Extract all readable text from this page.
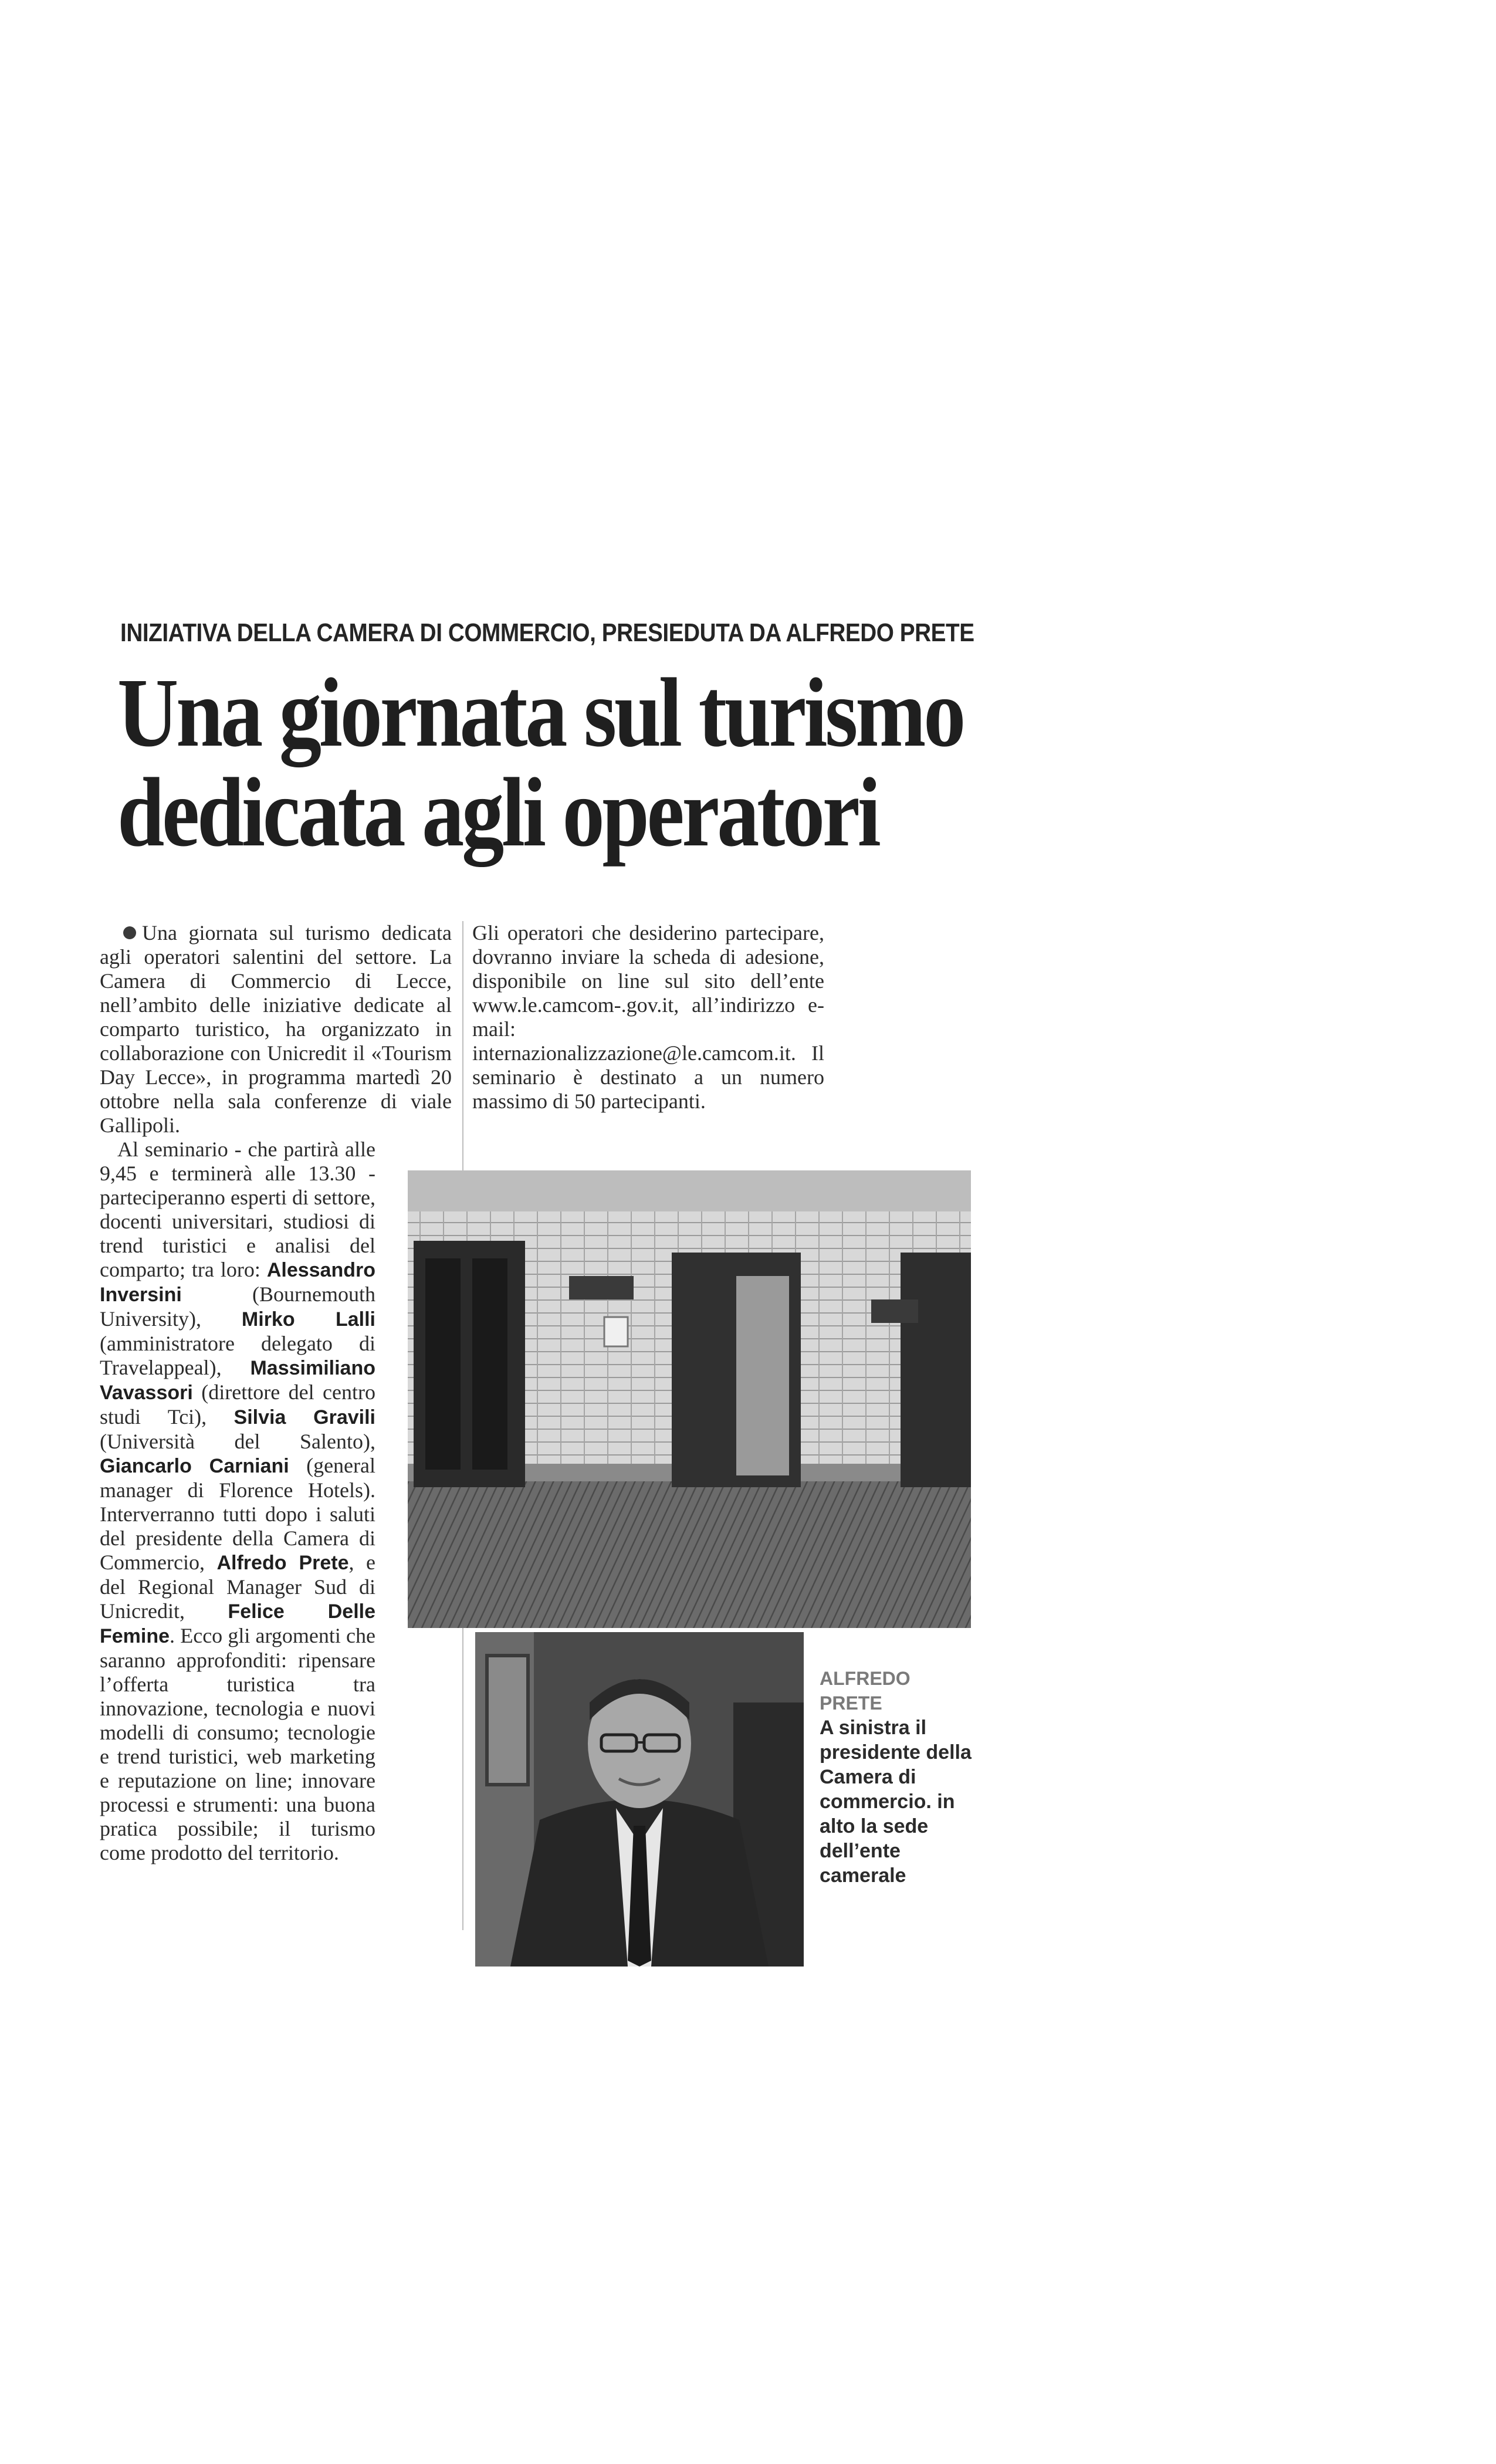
INIZIATIVA DELLA CAMERA DI COMMERCIO, PRESIEDUTA DA ALFREDO PRETE
Una giornata sul turismo
dedicata agli operatori

Una giornata sul turismo dedicata agli operatori salentini del settore. La Camera di Commercio di Lecce, nell’ambito delle iniziative dedicate al comparto turistico, ha organizzato in collaborazione con Unicredit il «Tourism Day Lecce», in programma martedì 20 ottobre nella sala conferenze di viale Gallipoli.

Al seminario - che partirà alle 9,45 e terminerà alle 13.30 - parteciperanno esperti di settore, docenti universitari, studiosi di trend turistici e analisi del comparto; tra loro: Alessandro Inversini (Bournemouth University), Mirko Lalli (amministratore delegato di Travelappeal), Massimiliano Vavassori (direttore del centro studi Tci), Silvia Gravili (Università del Salento), Giancarlo Carniani (general manager di Florence Hotels). Interverranno tutti dopo i saluti del presidente della Camera di Commercio, Alfredo Prete, e del Regional Manager Sud di Unicredit, Felice Delle Femine. Ecco gli argomenti che saranno approfonditi: ripensare l’offerta turistica tra innovazione, tecnologia e nuovi modelli di consumo; tecnologie e trend turistici, web marketing e reputazione on line; innovare processi e strumenti: una buona pratica possibile; il turismo come prodotto del territorio.

Gli operatori che desiderino partecipare, dovranno inviare la scheda di adesione, disponibile on line sul sito dell’ente www.le.camcom-.gov.it, all’indirizzo e-mail: internazionalizzazione@le.camcom.it. Il seminario è destinato a un numero massimo di 50 partecipanti.

ALFREDO PRETE
A sinistra il presidente della Camera di commercio. in alto la sede dell’ente camerale
